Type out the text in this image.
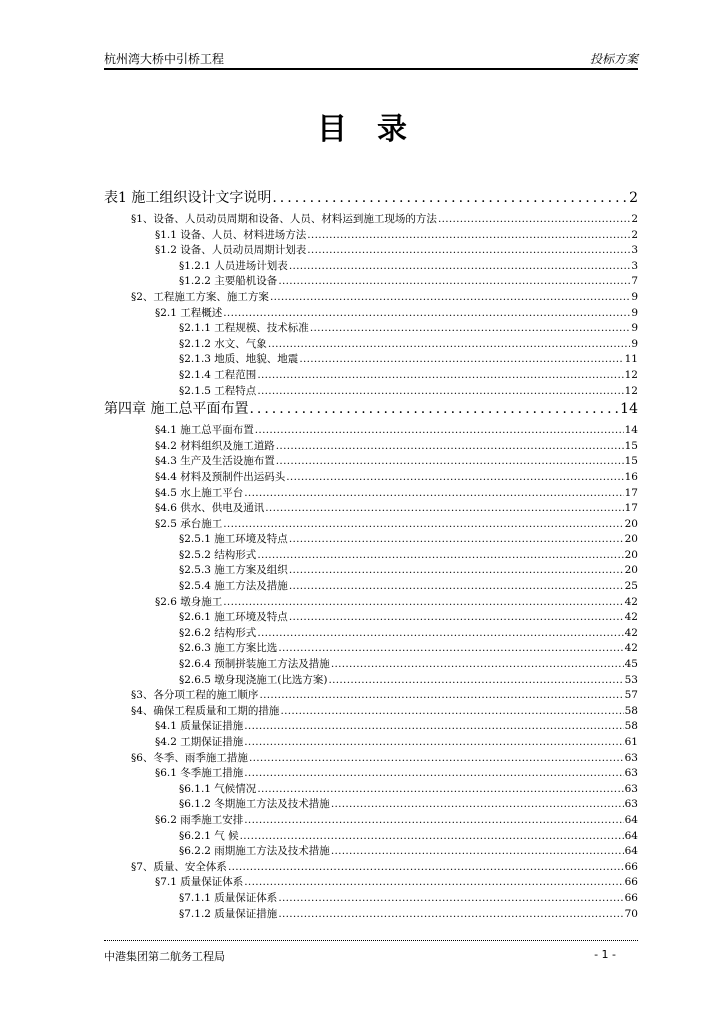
杭州湾大桥中引桥工程	投标方案
目录
表1 施工组织设计文字说明 .....	2
§1、设备、人员动员周期和设备、人员、材料运到施工现场的方法 .....	2
§1.1 设备、人员、材料进场方法 .....	2
§1.2 设备、人员动员周期计划表 .....	3
§1.2.1 人员进场计划表 .....	3
§1.2.2 主要船机设备 .....	7
§2、工程施工方案、施工方案 .....	9
§2.1 工程概述 .....	9
§2.1.1 工程规模、技术标准 .....	9
§2.1.2 水文、气象 .....	9
§2.1.3 地质、地貌、地震 .....	11
§2.1.4 工程范围 .....	12
§2.1.5 工程特点 .....	12
第四章 施工总平面布置 .....	14
§4.1 施工总平面布置 .....	14
§4.2 材料组织及施工道路 .....	15
§4.3 生产及生活设施布置 .....	15
§4.4 材料及预制件出运码头 .....	16
§4.5 水上施工平台 .....	17
§4.6 供水、供电及通讯 .....	17
§2.5 承台施工 .....	20
§2.5.1 施工环境及特点 .....	20
§2.5.2 结构形式 .....	20
§2.5.3 施工方案及组织 .....	20
§2.5.4 施工方法及措施 .....	25
§2.6 墩身施工 .....	42
§2.6.1 施工环境及特点 .....	42
§2.6.2 结构形式 .....	42
§2.6.3 施工方案比选 .....	42
§2.6.4 预制拼装施工方法及措施 .....	45
§2.6.5 墩身现浇施工(比选方案) .....	53
§3、各分项工程的施工顺序 .....	57
§4、确保工程质量和工期的措施 .....	58
§4.1 质量保证措施 .....	58
§4.2 工期保证措施 .....	61
§6、冬季、雨季施工措施 .....	63
§6.1 冬季施工措施 .....	63
§6.1.1 气候情况 .....	63
§6.1.2 冬期施工方法及技术措施 .....	63
§6.2 雨季施工安排 .....	64
§6.2.1 气 候 .....	64
§6.2.2 雨期施工方法及技术措施 .....	64
§7、质量、安全体系 .....	66
§7.1 质量保证体系 .....	66
§7.1.1 质量保证体系 .....	66
§7.1.2 质量保证措施 .....	70
中港集团第二航务工程局	- 1 -
